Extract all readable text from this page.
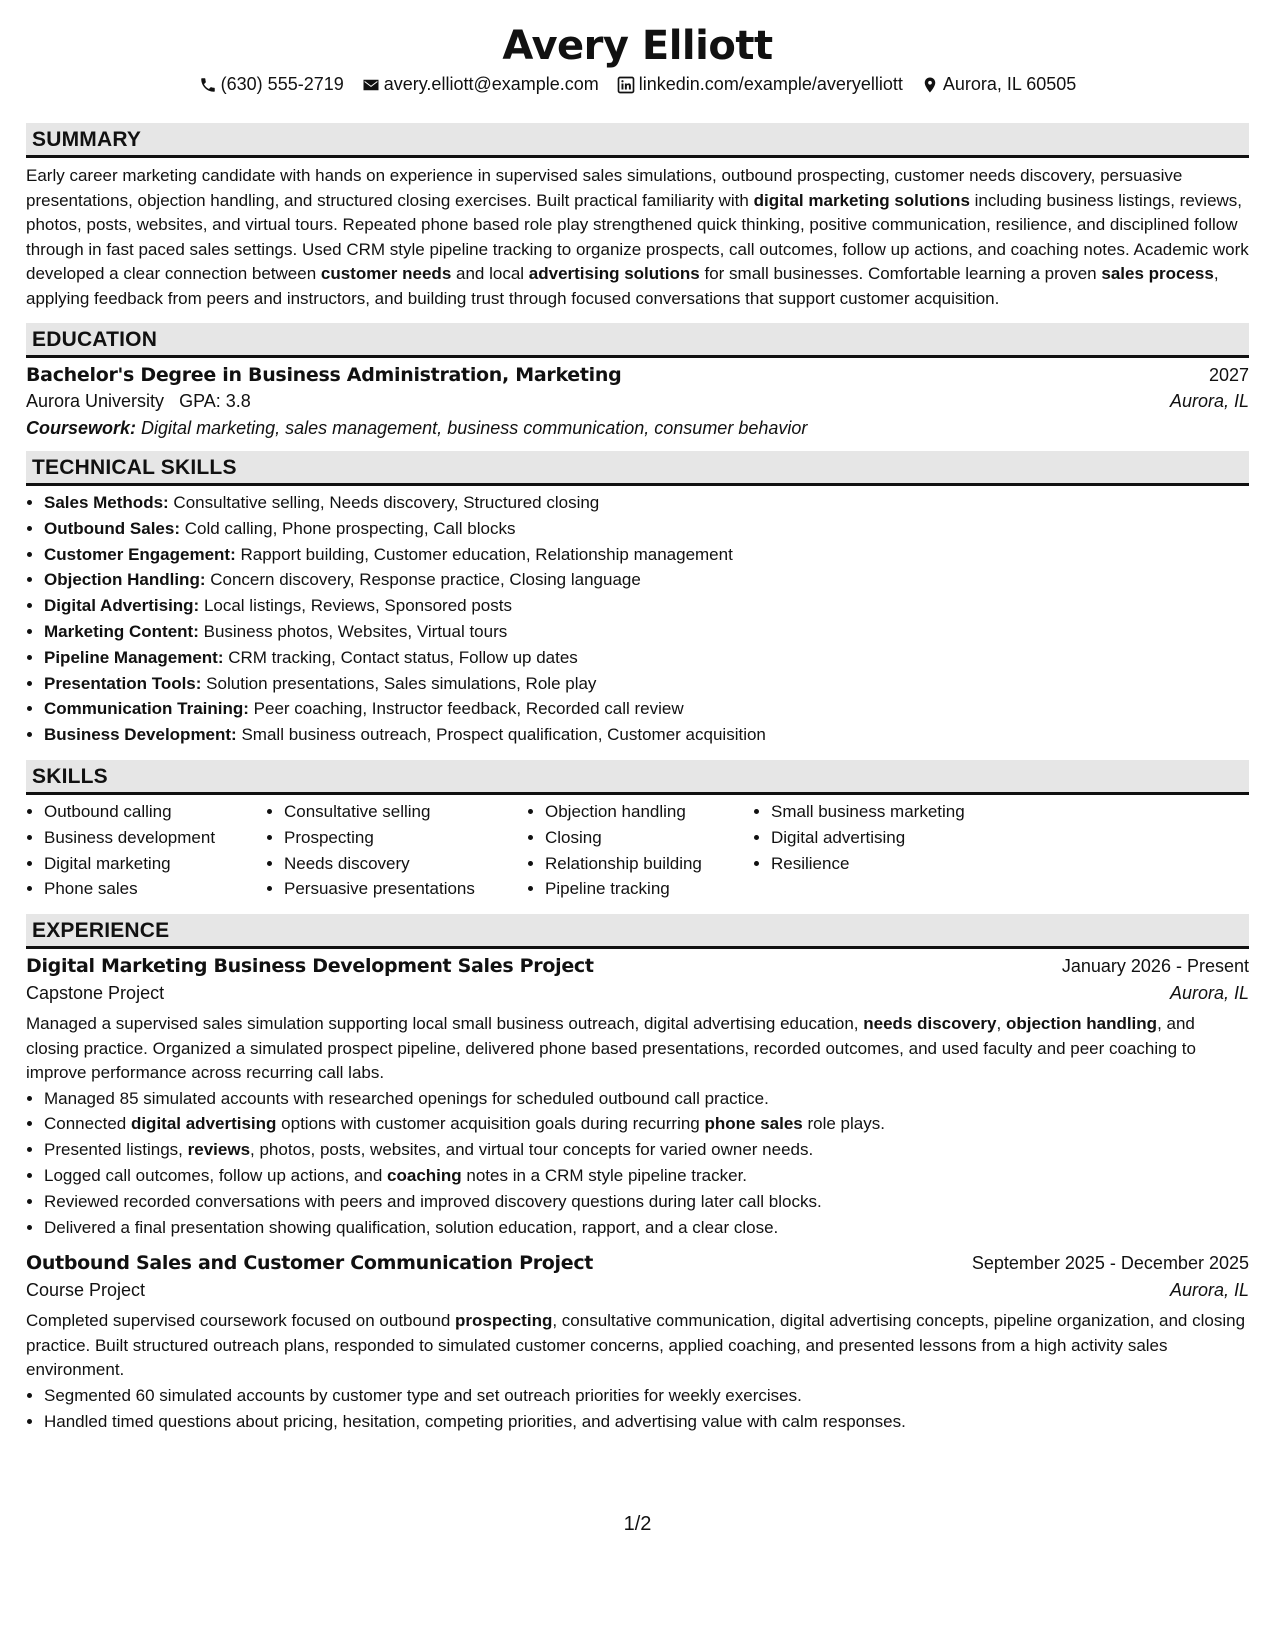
Avery Elliott
(630) 555-2719 avery.elliott@example.com linkedin.com/example/averyelliott Aurora, IL 60505
SUMMARY
Early career marketing candidate with hands on experience in supervised sales simulations, outbound prospecting, customer needs discovery, persuasive presentations, objection handling, and structured closing exercises. Built practical familiarity with digital marketing solutions including business listings, reviews, photos, posts, websites, and virtual tours. Repeated phone based role play strengthened quick thinking, positive communication, resilience, and disciplined follow through in fast paced sales settings. Used CRM style pipeline tracking to organize prospects, call outcomes, follow up actions, and coaching notes. Academic work developed a clear connection between customer needs and local advertising solutions for small businesses. Comfortable learning a proven sales process, applying feedback from peers and instructors, and building trust through focused conversations that support customer acquisition.
EDUCATION
Bachelor's Degree in Business Administration, Marketing	2027
Aurora University GPA: 3.8	Aurora, IL
Coursework: Digital marketing, sales management, business communication, consumer behavior
TECHNICAL SKILLS
• Sales Methods: Consultative selling, Needs discovery, Structured closing
• Outbound Sales: Cold calling, Phone prospecting, Call blocks
• Customer Engagement: Rapport building, Customer education, Relationship management
• Objection Handling: Concern discovery, Response practice, Closing language
• Digital Advertising: Local listings, Reviews, Sponsored posts
• Marketing Content: Business photos, Websites, Virtual tours
• Pipeline Management: CRM tracking, Contact status, Follow up dates
• Presentation Tools: Solution presentations, Sales simulations, Role play
• Communication Training: Peer coaching, Instructor feedback, Recorded call review
• Business Development: Small business outreach, Prospect qualification, Customer acquisition
SKILLS
• Outbound calling
• Business development
• Digital marketing
• Phone sales
• Consultative selling
• Prospecting
• Needs discovery
• Persuasive presentations
• Objection handling
• Closing
• Relationship building
• Pipeline tracking
• Small business marketing
• Digital advertising
• Resilience
EXPERIENCE
Digital Marketing Business Development Sales Project	January 2026 - Present
Capstone Project	Aurora, IL
Managed a supervised sales simulation supporting local small business outreach, digital advertising education, needs discovery, objection handling, and closing practice. Organized a simulated prospect pipeline, delivered phone based presentations, recorded outcomes, and used faculty and peer coaching to improve performance across recurring call labs.
• Managed 85 simulated accounts with researched openings for scheduled outbound call practice.
• Connected digital advertising options with customer acquisition goals during recurring phone sales role plays.
• Presented listings, reviews, photos, posts, websites, and virtual tour concepts for varied owner needs.
• Logged call outcomes, follow up actions, and coaching notes in a CRM style pipeline tracker.
• Reviewed recorded conversations with peers and improved discovery questions during later call blocks.
• Delivered a final presentation showing qualification, solution education, rapport, and a clear close.
Outbound Sales and Customer Communication Project	September 2025 - December 2025
Course Project	Aurora, IL
Completed supervised coursework focused on outbound prospecting, consultative communication, digital advertising concepts, pipeline organization, and closing practice. Built structured outreach plans, responded to simulated customer concerns, applied coaching, and presented lessons from a high activity sales environment.
• Segmented 60 simulated accounts by customer type and set outreach priorities for weekly exercises.
• Handled timed questions about pricing, hesitation, competing priorities, and advertising value with calm responses.
1/2
